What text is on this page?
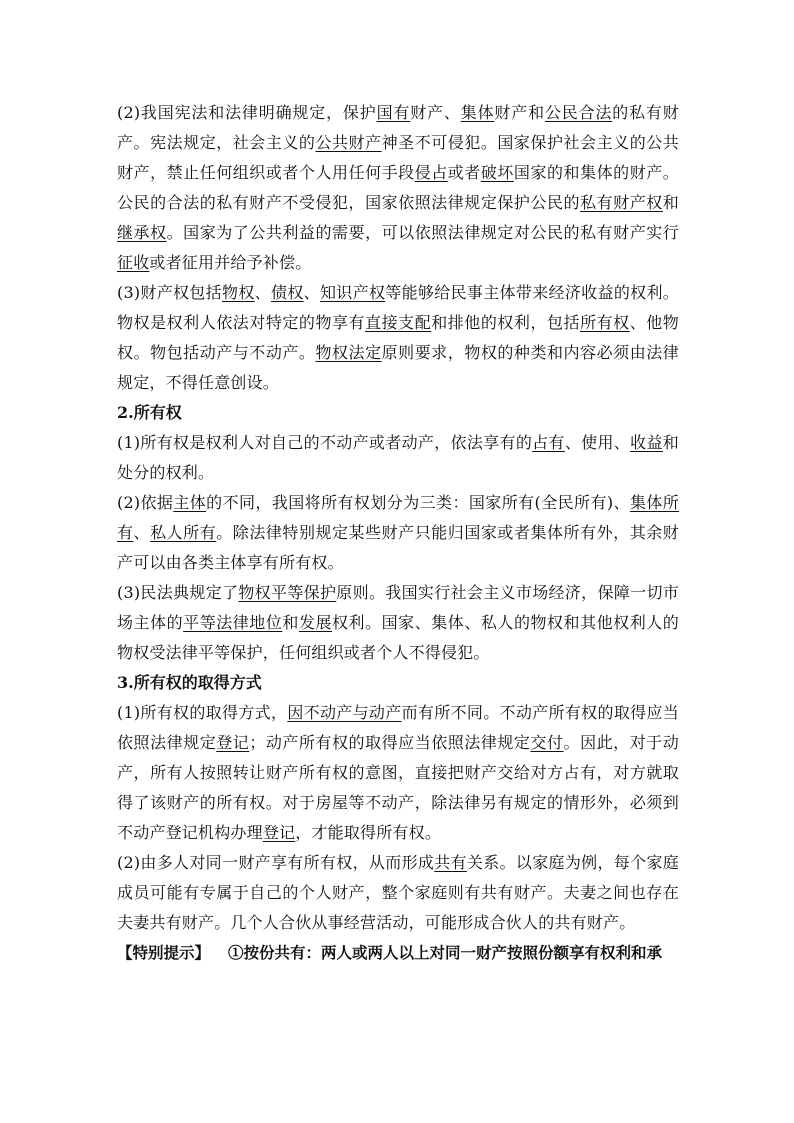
(2)我国宪法和法律明确规定，保护国有财产、集体财产和公民合法的私有财产。宪法规定，社会主义的公共财产神圣不可侵犯。国家保护社会主义的公共财产，禁止任何组织或者个人用任何手段侵占或者破坏国家的和集体的财产。公民的合法的私有财产不受侵犯，国家依照法律规定保护公民的私有财产权和继承权。国家为了公共利益的需要，可以依照法律规定对公民的私有财产实行征收或者征用并给予补偿。

(3)财产权包括物权、债权、知识产权等能够给民事主体带来经济收益的权利。物权是权利人依法对特定的物享有直接支配和排他的权利，包括所有权、他物权。物包括动产与不动产。物权法定原则要求，物权的种类和内容必须由法律规定，不得任意创设。

2.所有权

(1)所有权是权利人对自己的不动产或者动产，依法享有的占有、使用、收益和处分的权利。

(2)依据主体的不同，我国将所有权划分为三类：国家所有(全民所有)、集体所有、私人所有。除法律特别规定某些财产只能归国家或者集体所有外，其余财产可以由各类主体享有所有权。

(3)民法典规定了物权平等保护原则。我国实行社会主义市场经济，保障一切市场主体的平等法律地位和发展权利。国家、集体、私人的物权和其他权利人的物权受法律平等保护，任何组织或者个人不得侵犯。

3.所有权的取得方式

(1)所有权的取得方式，因不动产与动产而有所不同。不动产所有权的取得应当依照法律规定登记；动产所有权的取得应当依照法律规定交付。因此，对于动产，所有人按照转让财产所有权的意图，直接把财产交给对方占有，对方就取得了该财产的所有权。对于房屋等不动产，除法律另有规定的情形外，必须到不动产登记机构办理登记，才能取得所有权。

(2)由多人对同一财产享有所有权，从而形成共有关系。以家庭为例，每个家庭成员可能有专属于自己的个人财产，整个家庭则有共有财产。夫妻之间也存在夫妻共有财产。几个人合伙从事经营活动，可能形成合伙人的共有财产。

【特别提示】 ①按份共有：两人或两人以上对同一财产按照份额享有权利和承
